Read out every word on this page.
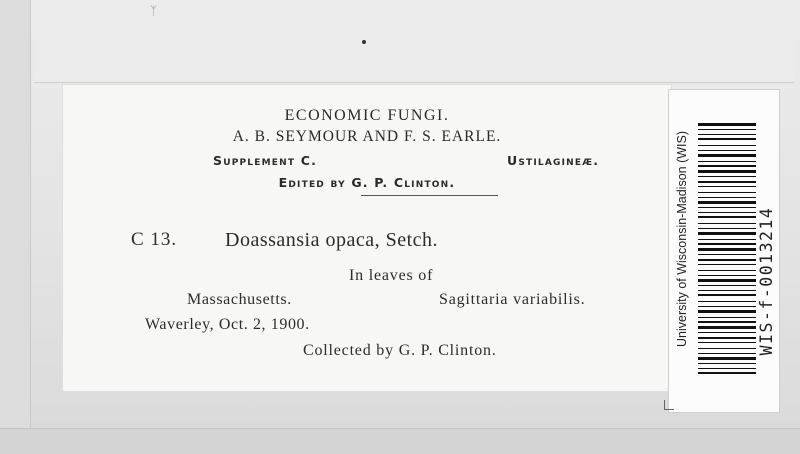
ᛉ
ECONOMIC FUNGI.
A. B. SEYMOUR AND F. S. EARLE.
Supplement C.	Ustilagineæ.
Edited by G. P. Clinton.
C 13. Doassansia opaca, Setch.
In leaves of
Massachusetts.	Sagittaria variabilis.
Waverley, Oct. 2, 1900.
Collected by G. P. Clinton.
University of Wisconsin-Madison (WIS)	WIS-f-0013214
